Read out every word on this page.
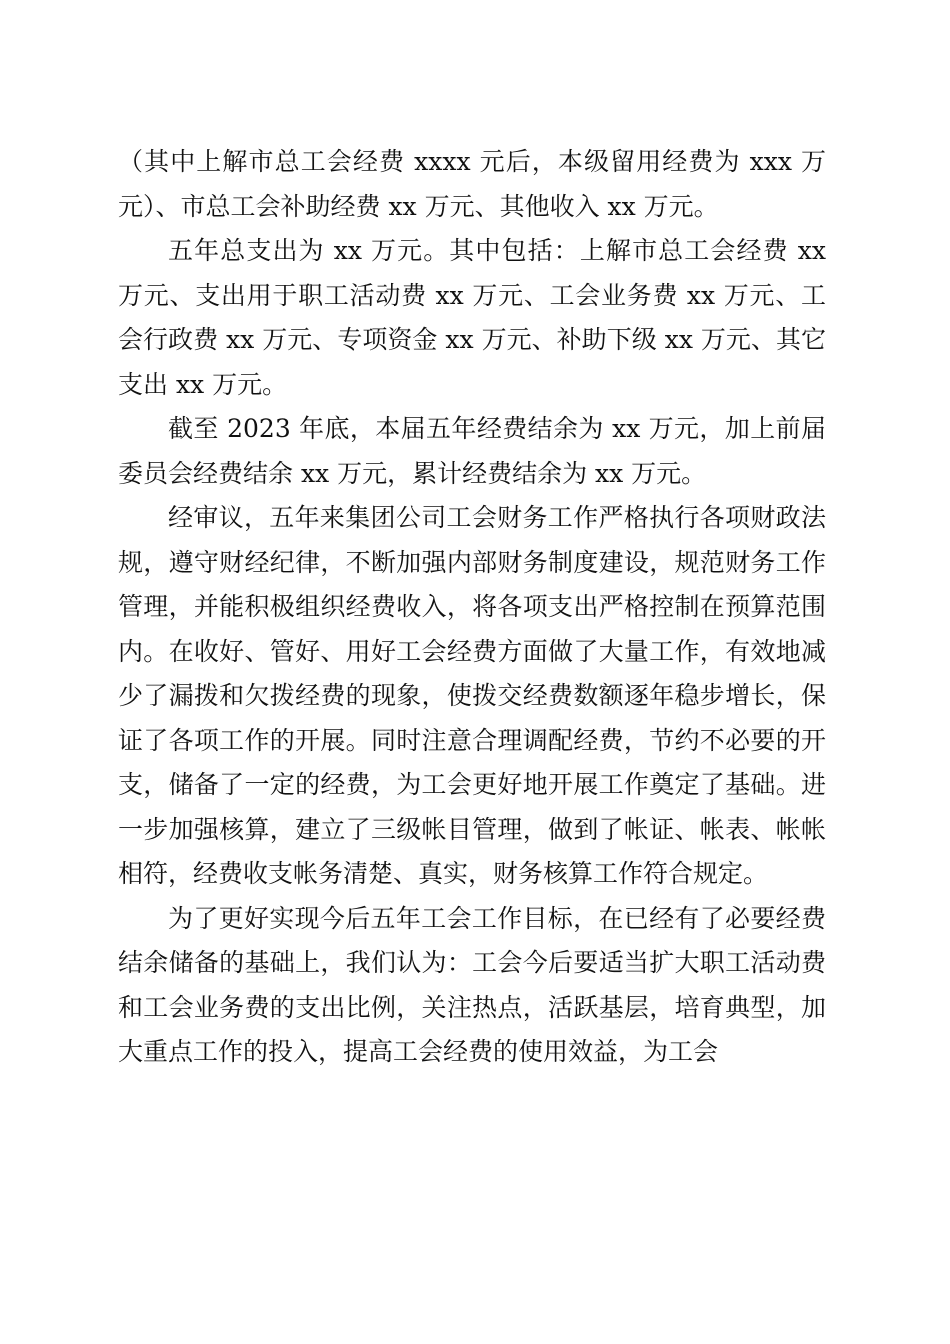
（其中上解市总工会经费 xxxx 元后，本级留用经费为 xxx 万元）、市总工会补助经费 xx 万元、其他收入 xx 万元。

五年总支出为 xx 万元。其中包括：上解市总工会经费 xx 万元、支出用于职工活动费 xx 万元、工会业务费 xx 万元、工会行政费 xx 万元、专项资金 xx 万元、补助下级 xx 万元、其它支出 xx 万元。

截至 2023 年底，本届五年经费结余为 xx 万元，加上前届委员会经费结余 xx 万元，累计经费结余为 xx 万元。

经审议，五年来集团公司工会财务工作严格执行各项财政法规，遵守财经纪律，不断加强内部财务制度建设，规范财务工作管理，并能积极组织经费收入，将各项支出严格控制在预算范围内。在收好、管好、用好工会经费方面做了大量工作，有效地减少了漏拨和欠拨经费的现象，使拨交经费数额逐年稳步增长，保证了各项工作的开展。同时注意合理调配经费，节约不必要的开支，储备了一定的经费，为工会更好地开展工作奠定了基础。进一步加强核算，建立了三级帐目管理，做到了帐证、帐表、帐帐相符，经费收支帐务清楚、真实，财务核算工作符合规定。

为了更好实现今后五年工会工作目标，在已经有了必要经费结余储备的基础上，我们认为：工会今后要适当扩大职工活动费和工会业务费的支出比例，关注热点，活跃基层，培育典型，加大重点工作的投入，提高工会经费的使用效益，为工会
